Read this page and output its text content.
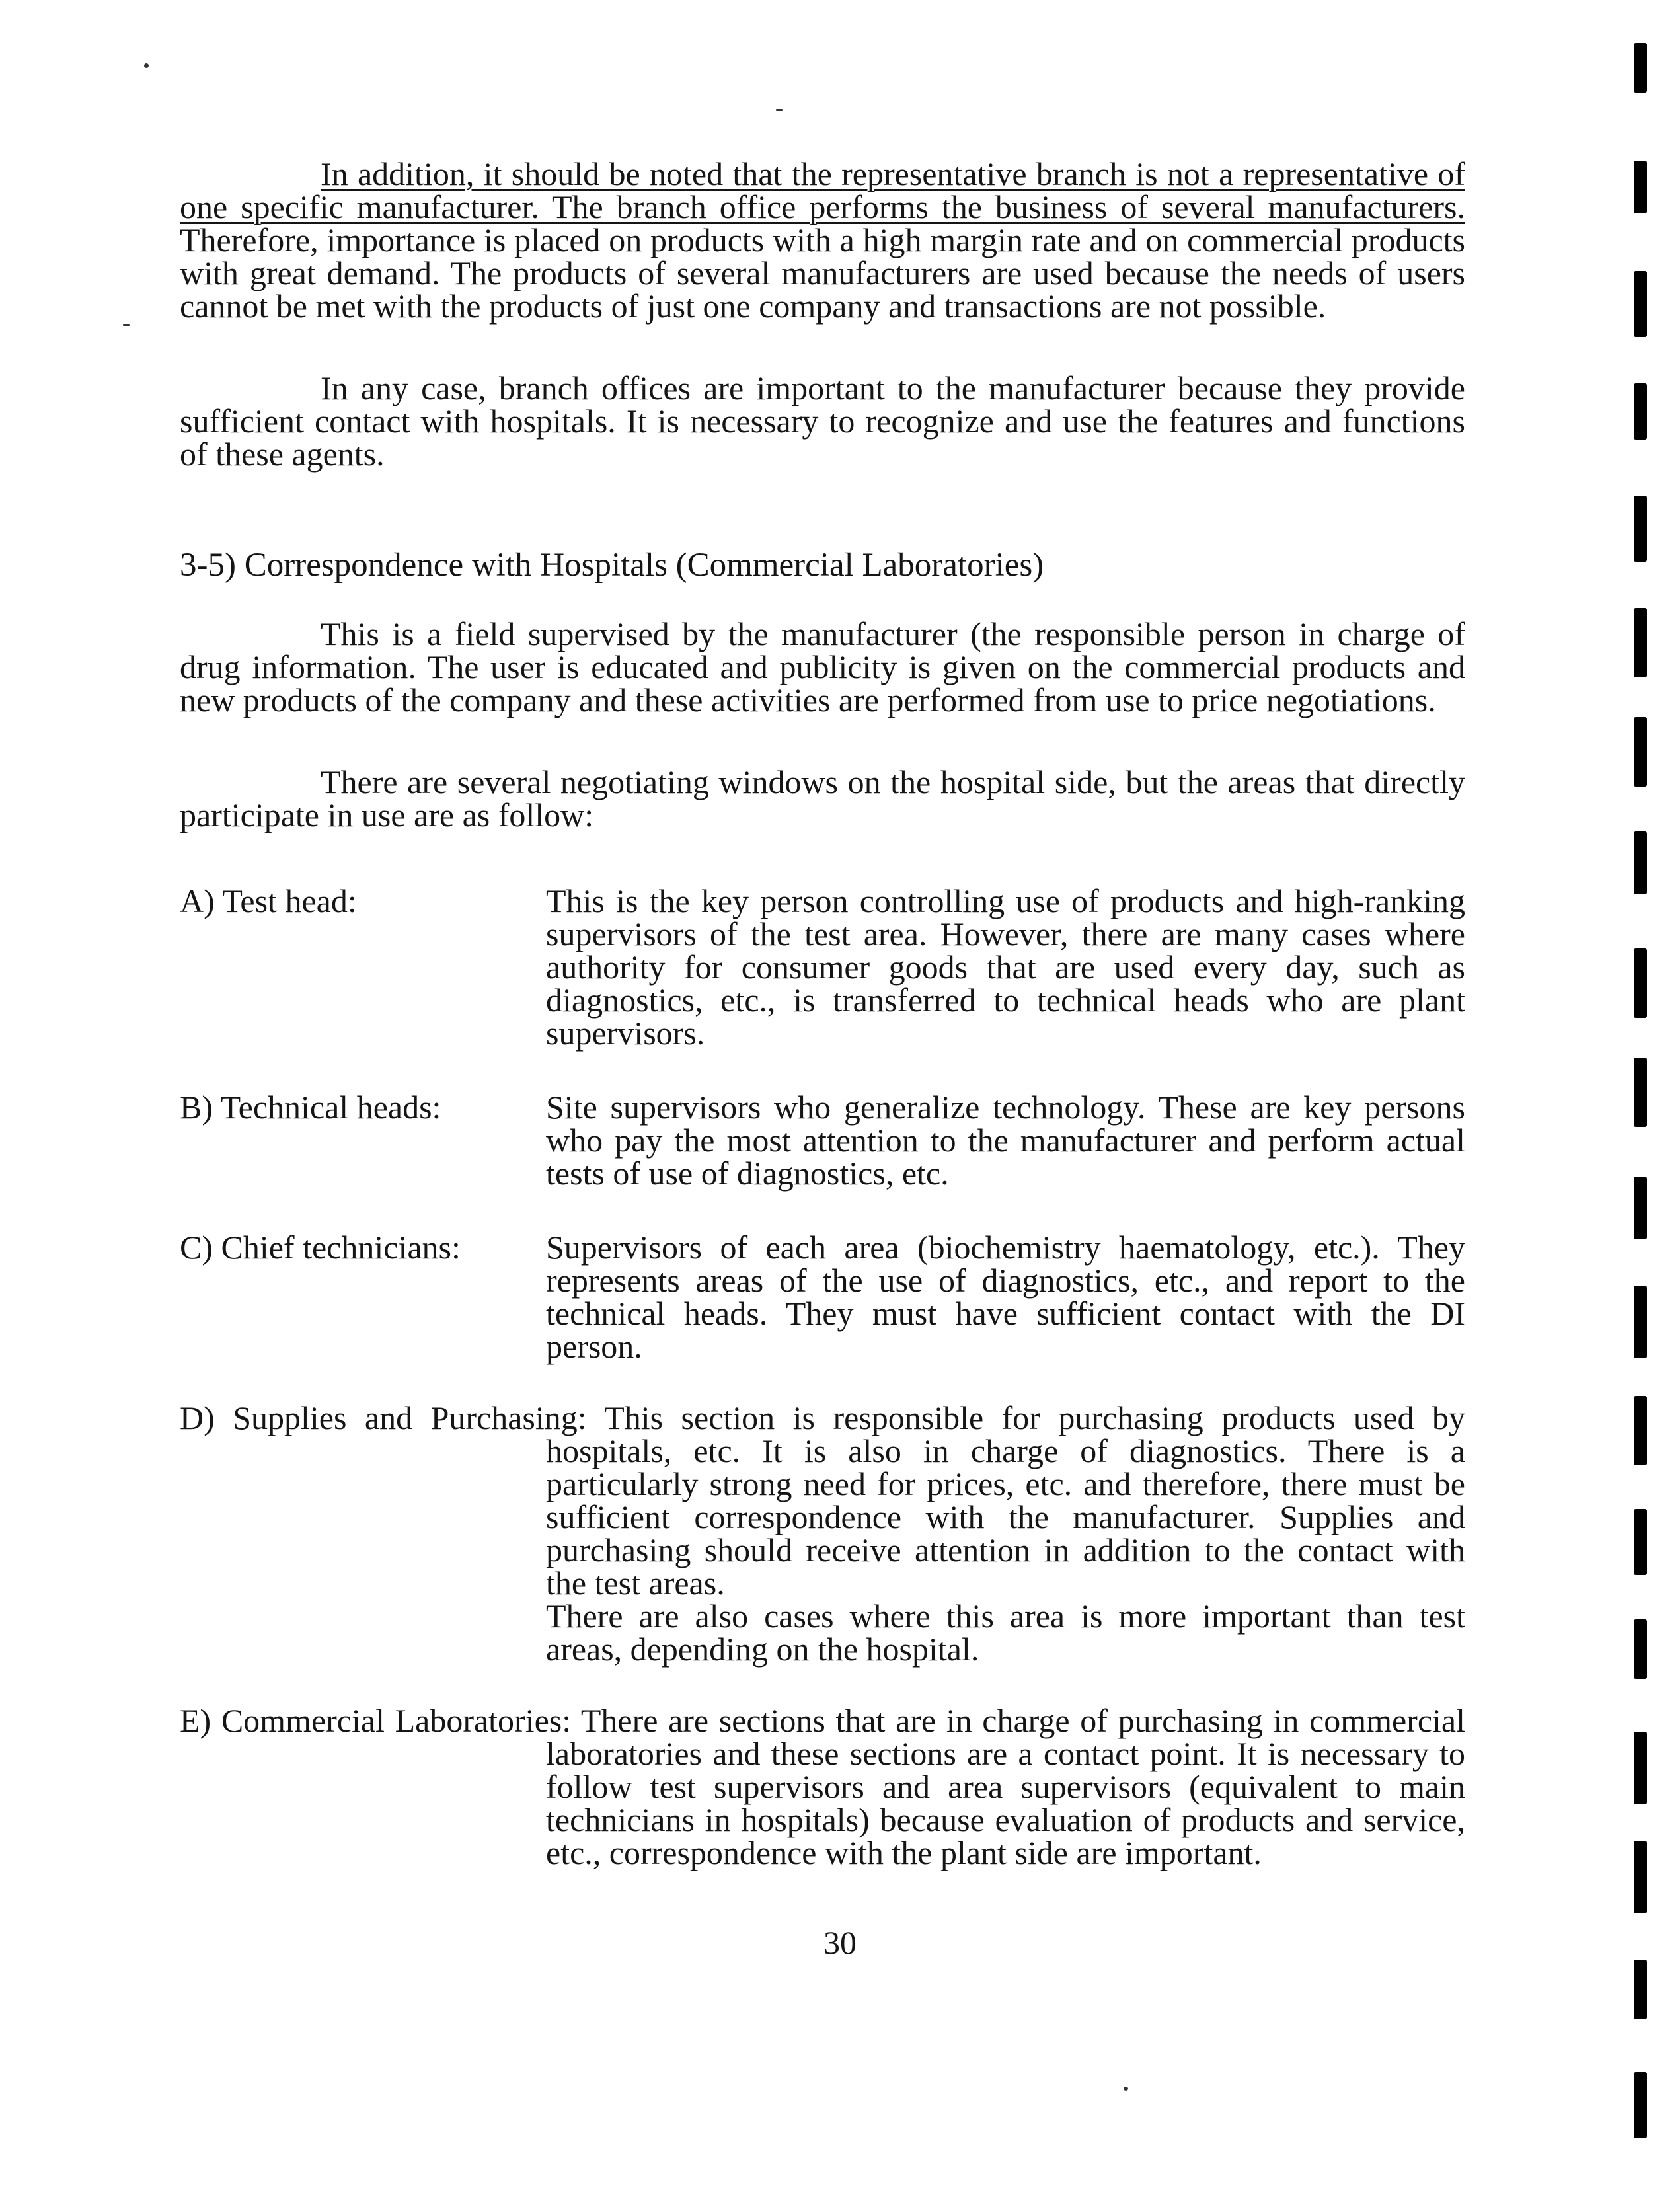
In addition, it should be noted that the representative branch is not a representative of one specific manufacturer. The branch office performs the business of several manufacturers. Therefore, importance is placed on products with a high margin rate and on commercial products with great demand. The products of several manufacturers are used because the needs of users cannot be met with the products of just one company and transactions are not possible.

In any case, branch offices are important to the manufacturer because they provide sufficient contact with hospitals. It is necessary to recognize and use the features and functions of these agents.

3-5) Correspondence with Hospitals (Commercial Laboratories)

This is a field supervised by the manufacturer (the responsible person in charge of drug information. The user is educated and publicity is given on the commercial products and new products of the company and these activities are performed from use to price negotiations.

There are several negotiating windows on the hospital side, but the areas that directly participate in use are as follow:

A) Test head:	This is the key person controlling use of products and high-ranking supervisors of the test area. However, there are many cases where authority for consumer goods that are used every day, such as diagnostics, etc., is transferred to technical heads who are plant supervisors.
B) Technical heads:	Site supervisors who generalize technology. These are key persons who pay the most attention to the manufacturer and perform actual tests of use of diagnostics, etc.
C) Chief technicians:	Supervisors of each area (biochemistry haematology, etc.). They represents areas of the use of diagnostics, etc., and report to the technical heads. They must have sufficient contact with the DI person.
D) Supplies and Purchasing: This section is responsible for purchasing products used by hospitals, etc. It is also in charge of diagnostics. There is a particularly strong need for prices, etc. and therefore, there must be sufficient correspondence with the manufacturer. Supplies and purchasing should receive attention in addition to the contact with the test areas.
There are also cases where this area is more important than test areas, depending on the hospital.
E) Commercial Laboratories: There are sections that are in charge of purchasing in commercial laboratories and these sections are a contact point. It is necessary to follow test supervisors and area supervisors (equivalent to main technicians in hospitals) because evaluation of products and service, etc., correspondence with the plant side are important.
30
